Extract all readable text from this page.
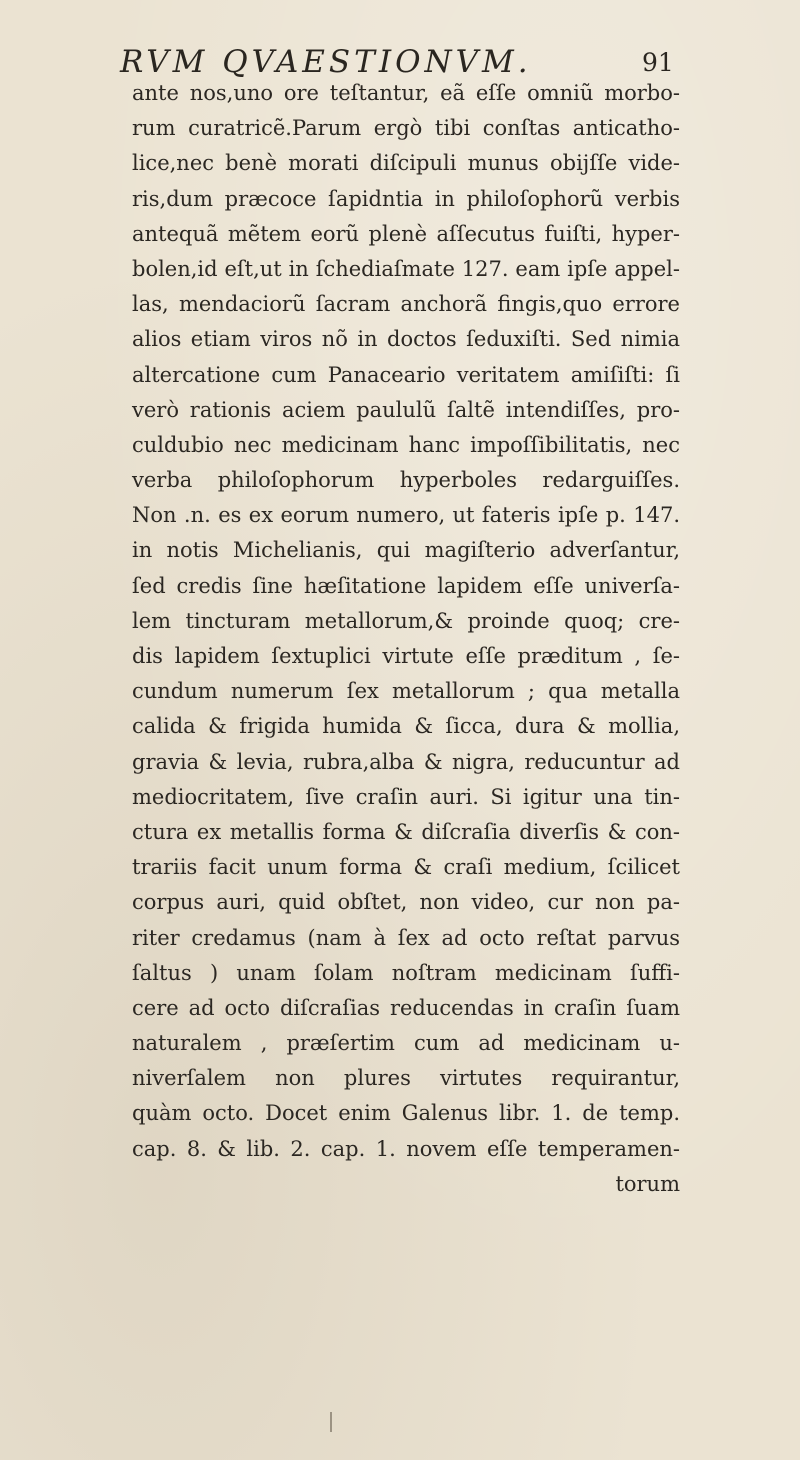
RVM QVAESTIONVM.	91
ante nos,uno ore teſtantur, eã eſſe omniũ morbo-
rum curatricẽ.Parum ergò tibi conſtas anticatho-
lice,nec benè morati diſcipuli munus obijſſe vide-
ris,dum præcoce ſapidntia in philoſophorũ verbis
antequã mẽtem eorũ plenè aſſecutus fuiſti, hyper-
bolen,id eſt,ut in ſchediaſmate 127. eam ipſe appel-
las, mendaciorũ ſacram anchorã fingis,quo errore
alios etiam viros nõ in doctos ſeduxiſti. Sed nimia
altercatione cum Panaceario veritatem amiſiſti: ſi
verò rationis aciem paululũ ſaltẽ intendiſſes, pro-
culdubio nec medicinam hanc impoſſibilitatis, nec
verba philoſophorum hyperboles redarguiſſes.
Non .n. es ex eorum numero, ut fateris ipſe p. 147.
in notis Michelianis, qui magiſterio adverſantur,
ſed credis ſine hæſitatione lapidem eſſe univerſa-
lem tincturam metallorum,& proinde quoq; cre-
dis lapidem ſextuplici virtute eſſe præditum , ſe-
cundum numerum ſex metallorum ; qua metalla
calida & frigida humida & ſicca, dura & mollia,
gravia & levia, rubra,alba & nigra, reducuntur ad
mediocritatem, ſive craſin auri. Si igitur una tin-
ctura ex metallis forma & diſcraſia diverſis & con-
trariis facit unum forma & craſi medium, ſcilicet
corpus auri, quid obſtet, non video, cur non pa-
riter credamus (nam à ſex ad octo reſtat parvus
ſaltus ) unam ſolam noſtram medicinam ſuffi-
cere ad octo diſcraſias reducendas in craſin ſuam
naturalem , præſertim cum ad medicinam u-
niverſalem non plures virtutes requirantur,
quàm octo. Docet enim Galenus libr. 1. de temp.
cap. 8. & lib. 2. cap. 1. novem eſſe temperamen-
torum
